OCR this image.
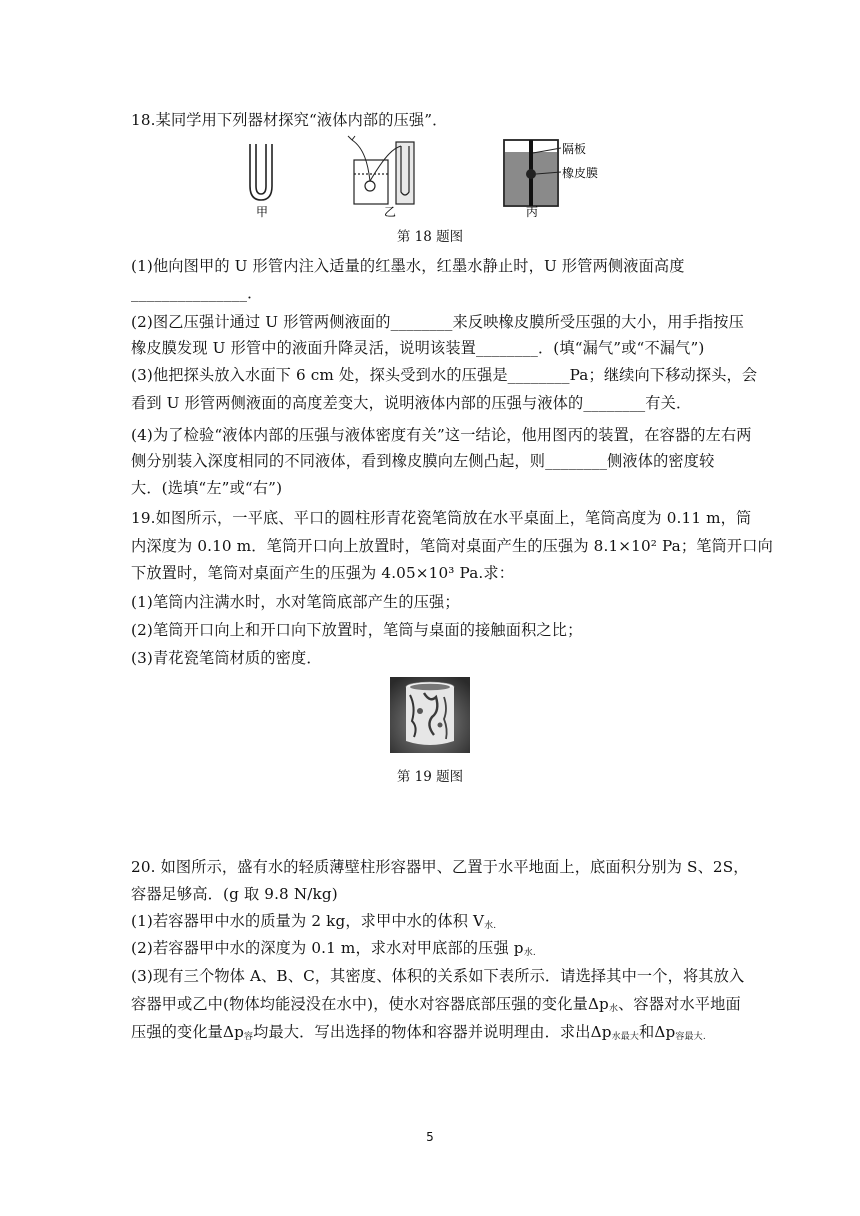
18.某同学用下列器材探究“液体内部的压强”．
甲	乙
隔板
橡皮膜
丙
第 18 题图
(1)他向图甲的 U 形管内注入适量的红墨水，红墨水静止时，U 形管两侧液面高度
_______________．
(2)图乙压强计通过 U 形管两侧液面的________来反映橡皮膜所受压强的大小，用手指按压
橡皮膜发现 U 形管中的液面升降灵活，说明该装置________．(填“漏气”或“不漏气”)
(3)他把探头放入水面下 6 cm 处，探头受到水的压强是________Pa；继续向下移动探头，会
看到 U 形管两侧液面的高度差变大，说明液体内部的压强与液体的________有关．
(4)为了检验“液体内部的压强与液体密度有关”这一结论，他用图丙的装置，在容器的左右两
侧分别装入深度相同的不同液体，看到橡皮膜向左侧凸起，则________侧液体的密度较
大．(选填“左”或“右”)
19.如图所示，一平底、平口的圆柱形青花瓷笔筒放在水平桌面上，笔筒高度为 0.11 m，筒
内深度为 0.10 m．笔筒开口向上放置时，笔筒对桌面产生的压强为 8.1×10² Pa；笔筒开口向
下放置时，笔筒对桌面产生的压强为 4.05×10³ Pa.求：
(1)笔筒内注满水时，水对笔筒底部产生的压强；
(2)笔筒开口向上和开口向下放置时，笔筒与桌面的接触面积之比；
(3)青花瓷笔筒材质的密度．
第 19 题图
20. 如图所示，盛有水的轻质薄壁柱形容器甲、乙置于水平地面上，底面积分别为 S、2S，
容器足够高．(g 取 9.8 N/kg)
(1)若容器甲中水的质量为 2 kg，求甲中水的体积 $V_{水.}$
(2)若容器甲中水的深度为 0.1 m，求水对甲底部的压强 $p_{水.}$
(3)现有三个物体 A、B、C，其密度、体积的关系如下表所示．请选择其中一个，将其放入
容器甲或乙中(物体均能浸没在水中)，使水对容器底部压强的变化量$\Delta p_水$、容器对水平地面
压强的变化量$\Delta p_容$均最大．写出选择的物体和容器并说明理由．求出$\Delta p_{水最大}$和$\Delta p_{容最大.}$
5
